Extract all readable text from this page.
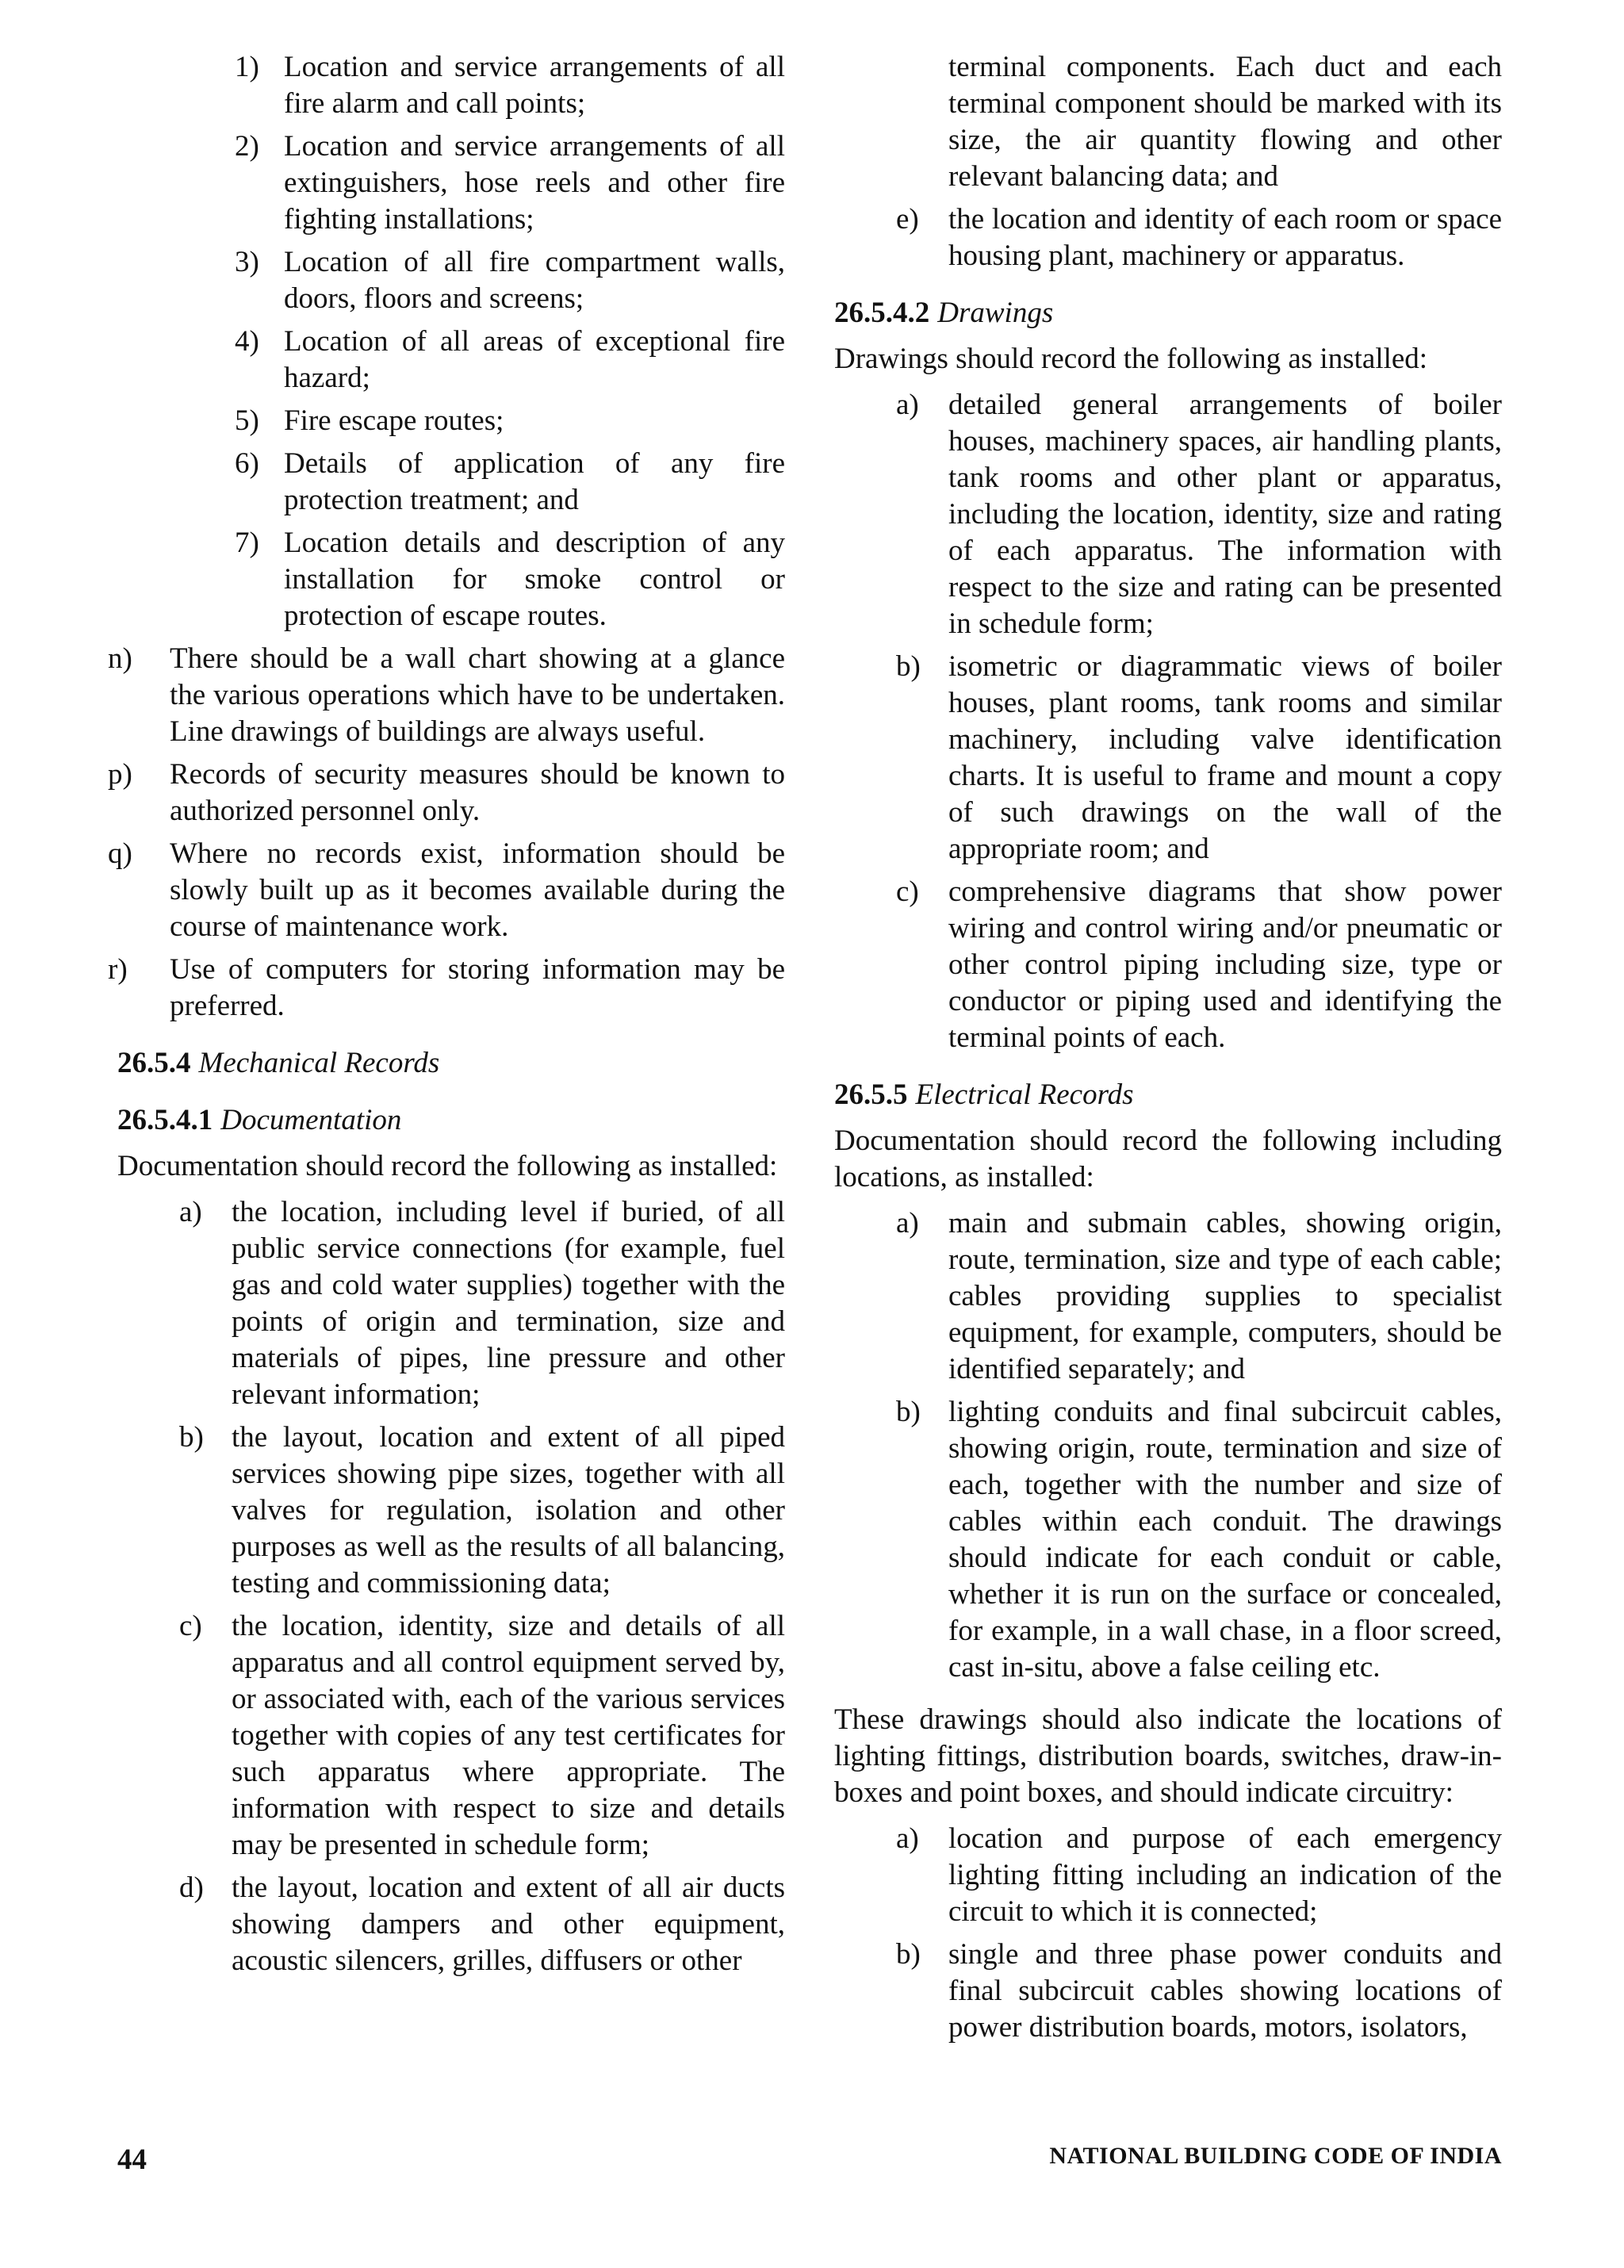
1) Location and service arrangements of all fire alarm and call points;
2) Location and service arrangements of all extinguishers, hose reels and other fire fighting installations;
3) Location of all fire compartment walls, doors, floors and screens;
4) Location of all areas of exceptional fire hazard;
5) Fire escape routes;
6) Details of application of any fire protection treatment; and
7) Location details and description of any installation for smoke control or protection of escape routes.
n) There should be a wall chart showing at a glance the various operations which have to be undertaken. Line drawings of buildings are always useful.
p) Records of security measures should be known to authorized personnel only.
q) Where no records exist, information should be slowly built up as it becomes available during the course of maintenance work.
r) Use of computers for storing information may be preferred.
26.5.4 Mechanical Records
26.5.4.1 Documentation
Documentation should record the following as installed:
a) the location, including level if buried, of all public service connections (for example, fuel gas and cold water supplies) together with the points of origin and termination, size and materials of pipes, line pressure and other relevant information;
b) the layout, location and extent of all piped services showing pipe sizes, together with all valves for regulation, isolation and other purposes as well as the results of all balancing, testing and commissioning data;
c) the location, identity, size and details of all apparatus and all control equipment served by, or associated with, each of the various services together with copies of any test certificates for such apparatus where appropriate. The information with respect to size and details may be presented in schedule form;
d) the layout, location and extent of all air ducts showing dampers and other equipment, acoustic silencers, grilles, diffusers or other
terminal components. Each duct and each terminal component should be marked with its size, the air quantity flowing and other relevant balancing data; and
e) the location and identity of each room or space housing plant, machinery or apparatus.
26.5.4.2 Drawings
Drawings should record the following as installed:
a) detailed general arrangements of boiler houses, machinery spaces, air handling plants, tank rooms and other plant or apparatus, including the location, identity, size and rating of each apparatus. The information with respect to the size and rating can be presented in schedule form;
b) isometric or diagrammatic views of boiler houses, plant rooms, tank rooms and similar machinery, including valve identification charts. It is useful to frame and mount a copy of such drawings on the wall of the appropriate room; and
c) comprehensive diagrams that show power wiring and control wiring and/or pneumatic or other control piping including size, type or conductor or piping used and identifying the terminal points of each.
26.5.5 Electrical Records
Documentation should record the following including locations, as installed:
a) main and submain cables, showing origin, route, termination, size and type of each cable; cables providing supplies to specialist equipment, for example, computers, should be identified separately; and
b) lighting conduits and final subcircuit cables, showing origin, route, termination and size of each, together with the number and size of cables within each conduit. The drawings should indicate for each conduit or cable, whether it is run on the surface or concealed, for example, in a wall chase, in a floor screed, cast in-situ, above a false ceiling etc.
These drawings should also indicate the locations of lighting fittings, distribution boards, switches, draw-in-boxes and point boxes, and should indicate circuitry:
a) location and purpose of each emergency lighting fitting including an indication of the circuit to which it is connected;
b) single and three phase power conduits and final subcircuit cables showing locations of power distribution boards, motors, isolators,
44	NATIONAL BUILDING CODE OF INDIA
